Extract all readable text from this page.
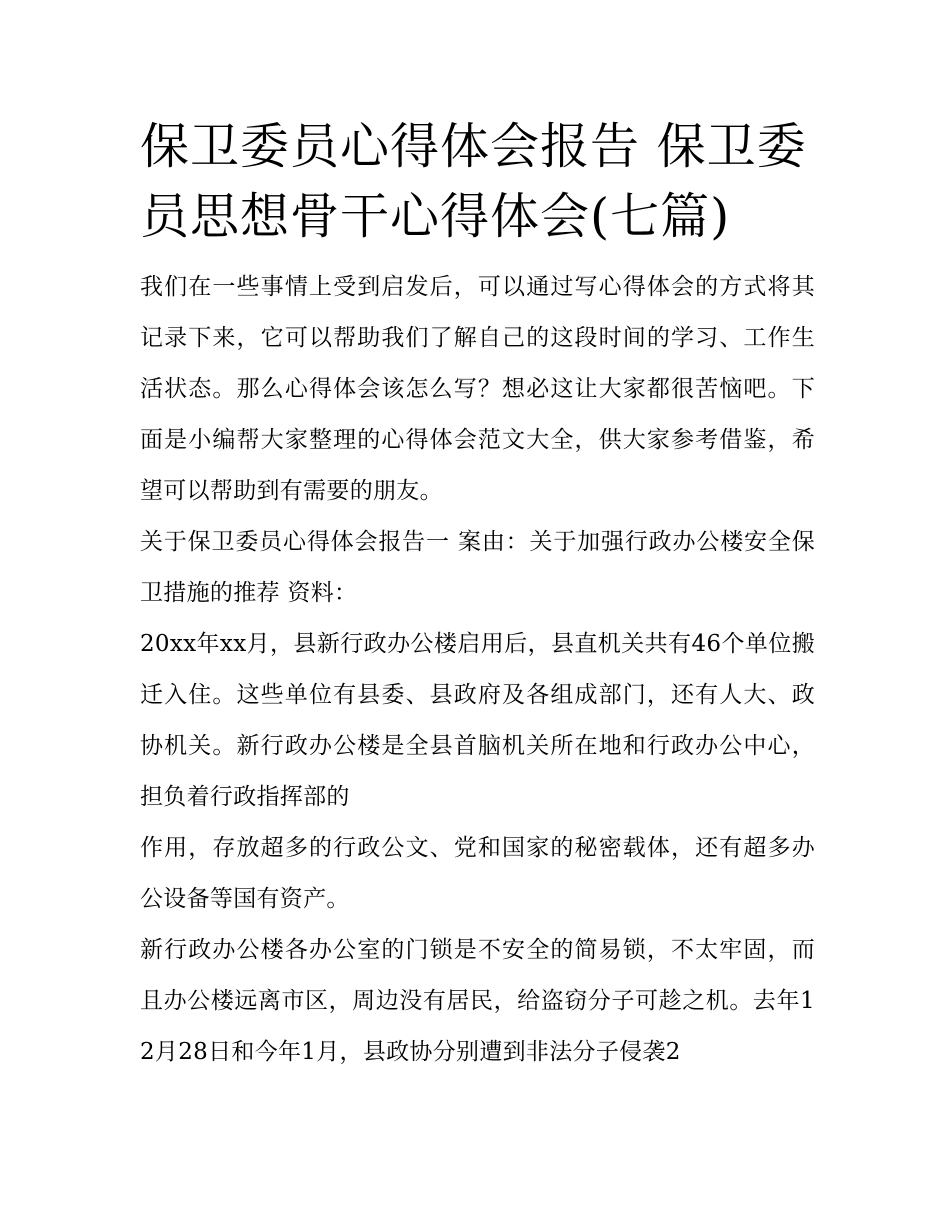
保卫委员心得体会报告 保卫委员思想骨干心得体会(七篇)

我们在一些事情上受到启发后，可以通过写心得体会的方式将其记录下来，它可以帮助我们了解自己的这段时间的学习、工作生活状态。那么心得体会该怎么写？想必这让大家都很苦恼吧。下面是小编帮大家整理的心得体会范文大全，供大家参考借鉴，希望可以帮助到有需要的朋友。

关于保卫委员心得体会报告一 案由：关于加强行政办公楼安全保卫措施的推荐 资料：

20xx年xx月，县新行政办公楼启用后，县直机关共有46个单位搬迁入住。这些单位有县委、县政府及各组成部门，还有人大、政协机关。新行政办公楼是全县首脑机关所在地和行政办公中心，担负着行政指挥部的

作用，存放超多的行政公文、党和国家的秘密载体，还有超多办公设备等国有资产。

新行政办公楼各办公室的门锁是不安全的简易锁，不太牢固，而且办公楼远离市区，周边没有居民，给盗窃分子可趁之机。去年12月28日和今年1月，县政协分别遭到非法分子侵袭2
